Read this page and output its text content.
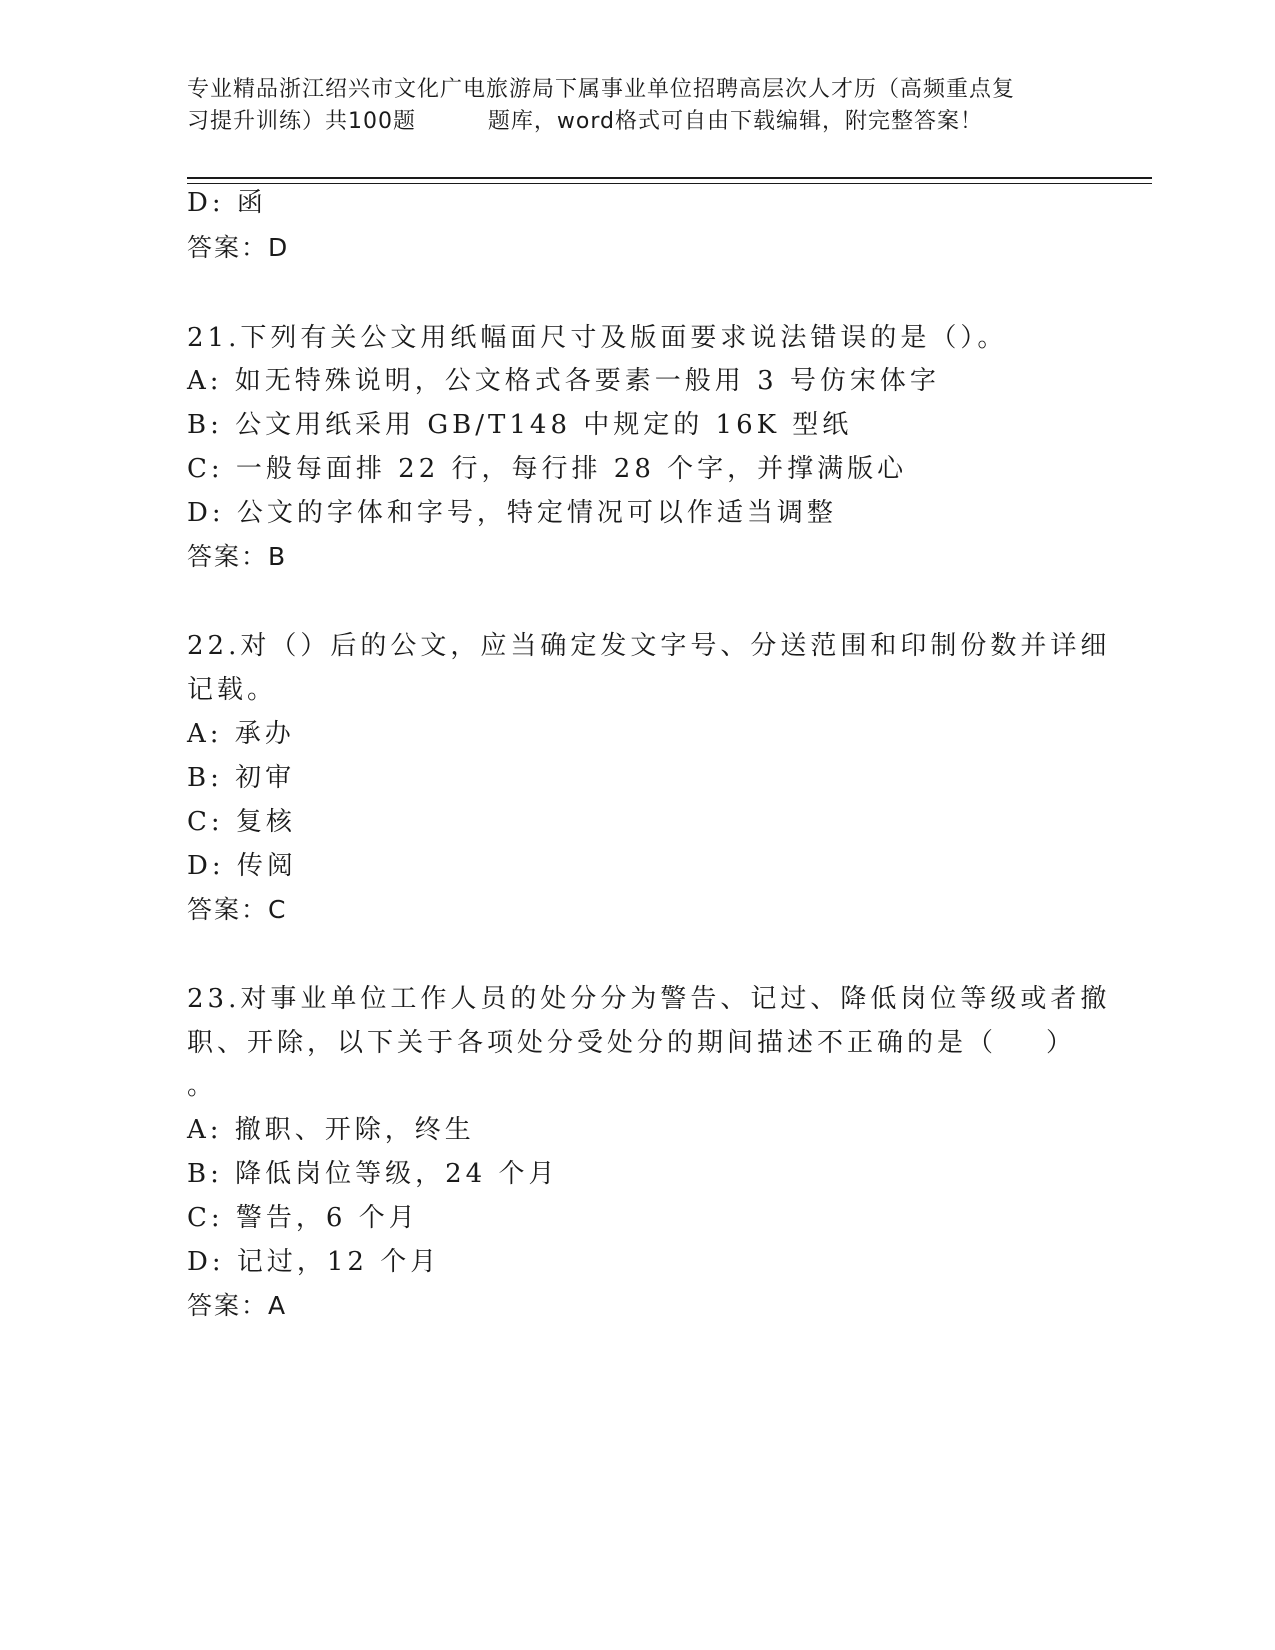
专业精品浙江绍兴市文化广电旅游局下属事业单位招聘高层次人才历（高频重点复
习提升训练）共100题         题库，word格式可自由下载编辑，附完整答案！
D: 函
答案：D
21.下列有关公文用纸幅面尺寸及版面要求说法错误的是（）。
A: 如无特殊说明，公文格式各要素一般用 3 号仿宋体字
B: 公文用纸采用 GB/T148 中规定的 16K 型纸
C: 一般每面排 22 行，每行排 28 个字，并撑满版心
D: 公文的字体和字号，特定情况可以作适当调整
答案：B
22.对（）后的公文，应当确定发文字号、分送范围和印制份数并详细
记载。
A: 承办
B: 初审
C: 复核
D: 传阅
答案：C
23.对事业单位工作人员的处分分为警告、记过、降低岗位等级或者撤
职、开除，以下关于各项处分受处分的期间描述不正确的是（    ）
。
A: 撤职、开除，终生
B: 降低岗位等级，24 个月
C: 警告，6 个月
D: 记过，12 个月
答案：A
